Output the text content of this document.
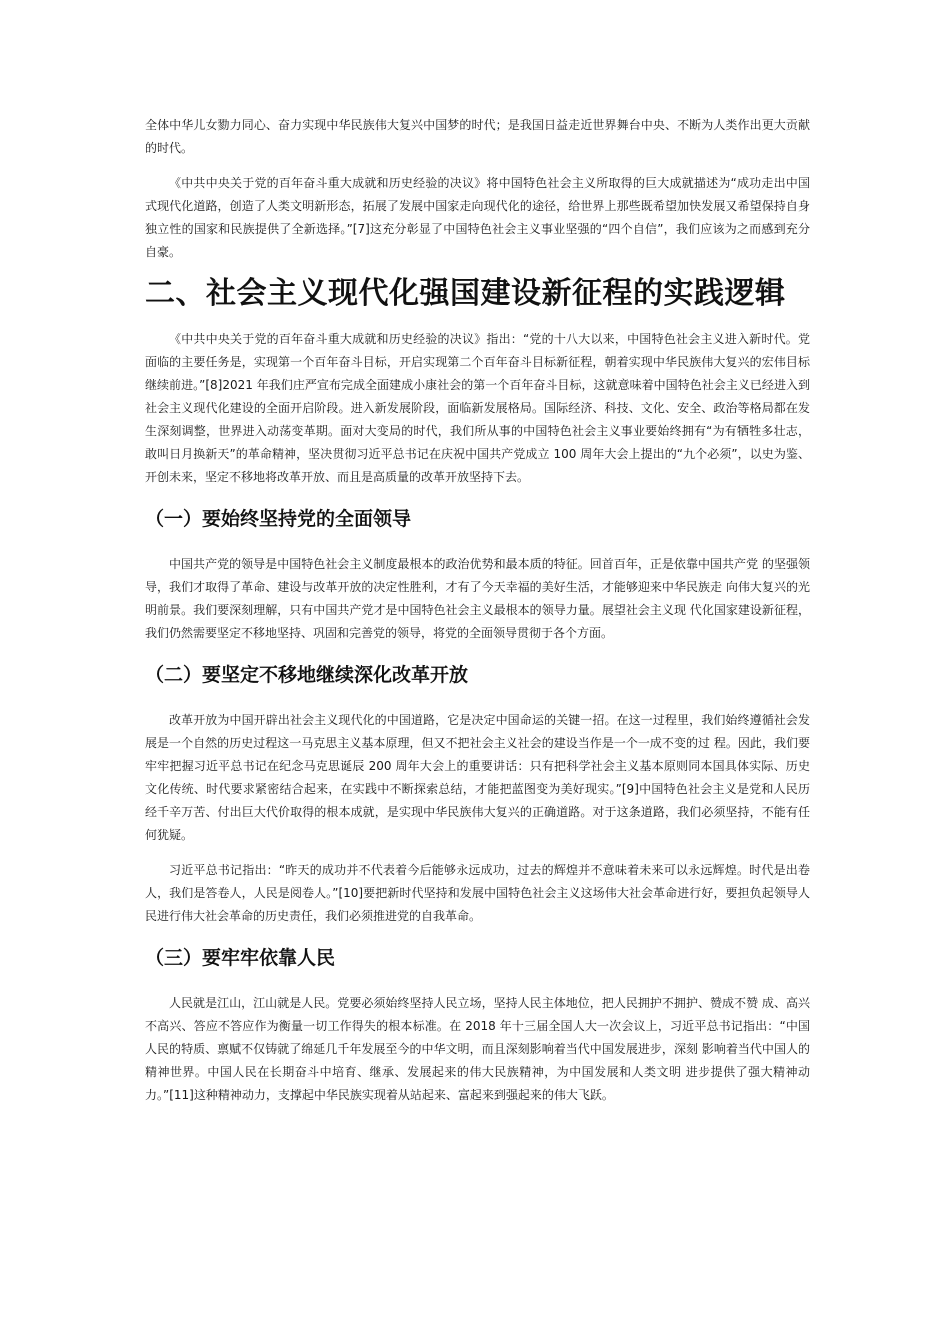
全体中华儿女勠力同心、奋力实现中华民族伟大复兴中国梦的时代；是我国日益走近世界舞台中央、不断为人类作出更大贡献的时代。

《中共中央关于党的百年奋斗重大成就和历史经验的决议》将中国特色社会主义所取得的巨大成就描述为“成功走出中国式现代化道路，创造了人类文明新形态，拓展了发展中国家走向现代化的途径，给世界上那些既希望加快发展又希望保持自身独立性的国家和民族提供了全新选择。”[7]这充分彰显了中国特色社会主义事业坚强的“四个自信”，我们应该为之而感到充分自豪。

二、社会主义现代化强国建设新征程的实践逻辑

《中共中央关于党的百年奋斗重大成就和历史经验的决议》指出：“党的十八大以来，中国特色社会主义进入新时代。党面临的主要任务是，实现第一个百年奋斗目标，开启实现第二个百年奋斗目标新征程，朝着实现中华民族伟大复兴的宏伟目标继续前进。”[8]2021 年我们庄严宣布完成全面建成小康社会的第一个百年奋斗目标，这就意味着中国特色社会主义已经进入到社会主义现代化建设的全面开启阶段。进入新发展阶段，面临新发展格局。国际经济、科技、文化、安全、政治等格局都在发生深刻调整，世界进入动荡变革期。面对大变局的时代，我们所从事的中国特色社会主义事业要始终拥有“为有牺牲多壮志，敢叫日月换新天”的革命精神，坚决贯彻习近平总书记在庆祝中国共产党成立 100 周年大会上提出的“九个必须”，以史为鉴、开创未来，坚定不移地将改革开放、而且是高质量的改革开放坚持下去。

（一）要始终坚持党的全面领导

中国共产党的领导是中国特色社会主义制度最根本的政治优势和最本质的特征。回首百年，正是依靠中国共产党 的坚强领导，我们才取得了革命、建设与改革开放的决定性胜利，才有了今天幸福的美好生活，才能够迎来中华民族走 向伟大复兴的光明前景。我们要深刻理解，只有中国共产党才是中国特色社会主义最根本的领导力量。展望社会主义现 代化国家建设新征程，我们仍然需要坚定不移地坚持、巩固和完善党的领导，将党的全面领导贯彻于各个方面。

（二）要坚定不移地继续深化改革开放

改革开放为中国开辟出社会主义现代化的中国道路，它是决定中国命运的关键一招。在这一过程里，我们始终遵循社会发展是一个自然的历史过程这一马克思主义基本原理，但又不把社会主义社会的建设当作是一个一成不变的过 程。因此，我们要牢牢把握习近平总书记在纪念马克思诞辰 200 周年大会上的重要讲话：只有把科学社会主义基本原则同本国具体实际、历史文化传统、时代要求紧密结合起来，在实践中不断探索总结，才能把蓝图变为美好现实。”[9]中国特色社会主义是党和人民历经千辛万苦、付出巨大代价取得的根本成就，是实现中华民族伟大复兴的正确道路。对于这条道路，我们必须坚持，不能有任何犹疑。

习近平总书记指出：“昨天的成功并不代表着今后能够永远成功，过去的辉煌并不意味着未来可以永远辉煌。时代是出卷人，我们是答卷人，人民是阅卷人。”[10]要把新时代坚持和发展中国特色社会主义这场伟大社会革命进行好，要担负起领导人民进行伟大社会革命的历史责任，我们必须推进党的自我革命。

（三）要牢牢依靠人民

人民就是江山，江山就是人民。党要必须始终坚持人民立场，坚持人民主体地位，把人民拥护不拥护、赞成不赞 成、高兴不高兴、答应不答应作为衡量一切工作得失的根本标准。在 2018 年十三届全国人大一次会议上，习近平总书记指出：“中国人民的特质、禀赋不仅铸就了绵延几千年发展至今的中华文明，而且深刻影响着当代中国发展进步，深刻 影响着当代中国人的精神世界。中国人民在长期奋斗中培育、继承、发展起来的伟大民族精神，为中国发展和人类文明 进步提供了强大精神动力。”[11]这种精神动力，支撑起中华民族实现着从站起来、富起来到强起来的伟大飞跃。
